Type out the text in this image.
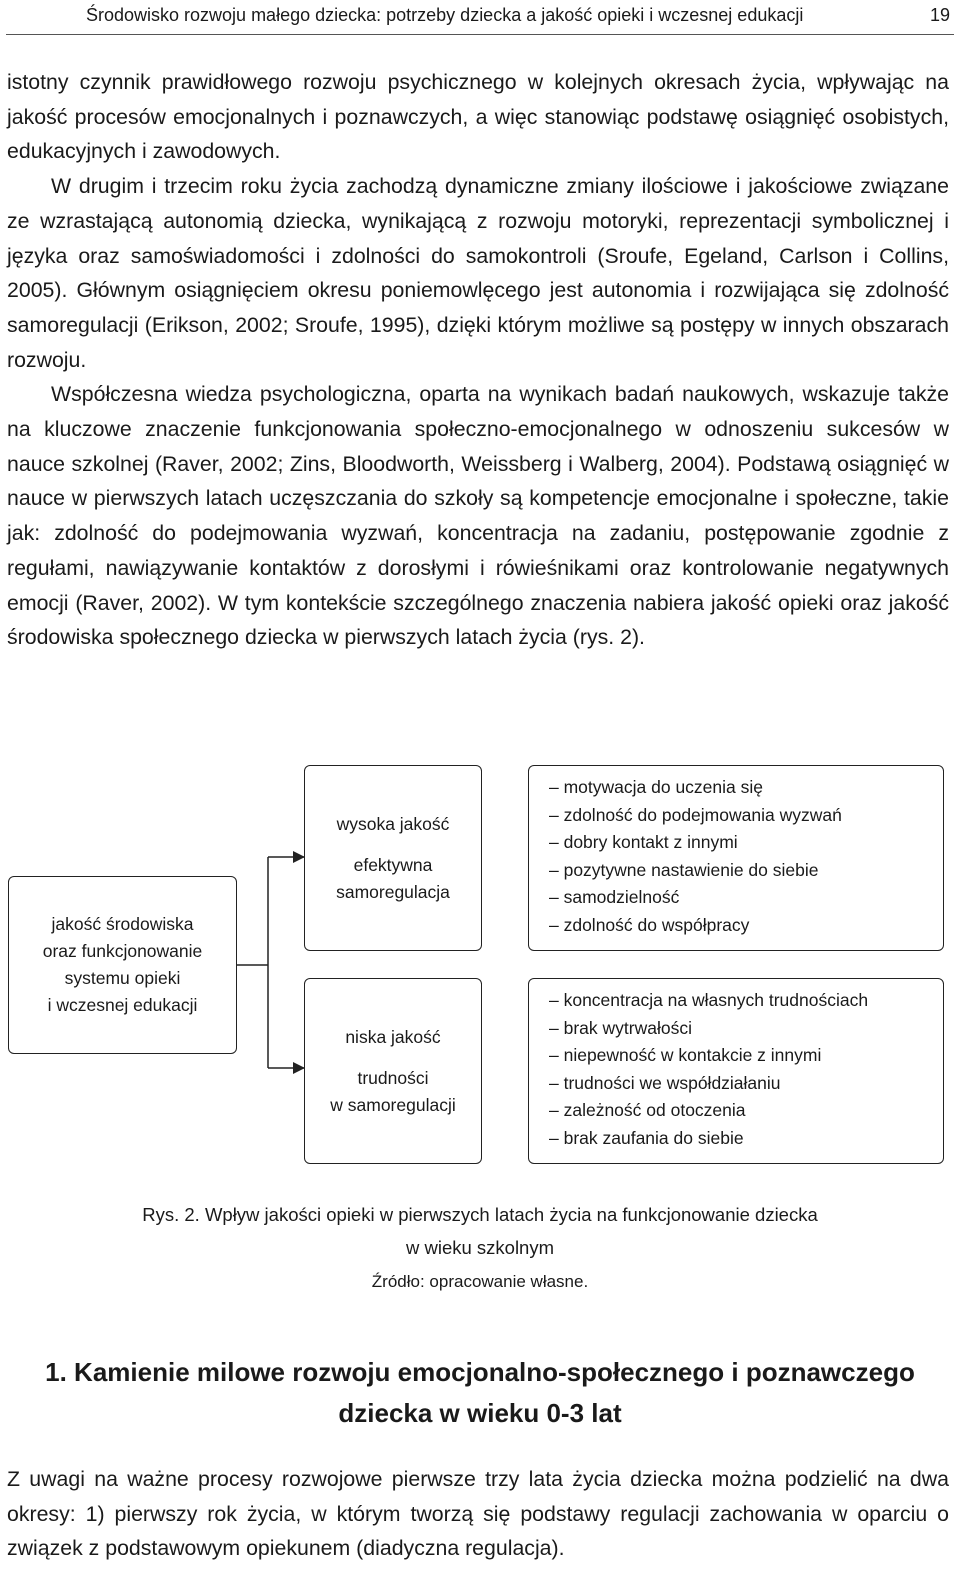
Środowisko rozwoju małego dziecka: potrzeby dziecka a jakość opieki i wczesnej edukacji	19

istotny czynnik prawidłowego rozwoju psychicznego w kolejnych okresach życia, wpływając na jakość procesów emocjonalnych i poznawczych, a więc stanowiąc podstawę osiągnięć osobistych, edukacyjnych i zawodowych.

W drugim i trzecim roku życia zachodzą dynamiczne zmiany ilościowe i jakościowe związane ze wzrastającą autonomią dziecka, wynikającą z rozwoju motoryki, reprezentacji symbolicznej i języka oraz samoświadomości i zdolności do samokontroli (Sroufe, Egeland, Carlson i Collins, 2005). Głównym osiągnięciem okresu poniemowlęcego jest autonomia i rozwijająca się zdolność samoregulacji (Erikson, 2002; Sroufe, 1995), dzięki którym możliwe są postępy w innych obszarach rozwoju.

Współczesna wiedza psychologiczna, oparta na wynikach badań naukowych, wskazuje także na kluczowe znaczenie funkcjonowania społeczno-emocjonalnego w odnoszeniu sukcesów w nauce szkolnej (Raver, 2002; Zins, Bloodworth, Weissberg i Walberg, 2004). Podstawą osiągnięć w nauce w pierwszych latach uczęszczania do szkoły są kompetencje emocjonalne i społeczne, takie jak: zdolność do podejmowania wyzwań, koncentracja na zadaniu, postępowanie zgodnie z regułami, nawiązywanie kontaktów z dorosłymi i rówieśnikami oraz kontrolowanie negatywnych emocji (Raver, 2002). W tym kontekście szczególnego znaczenia nabiera jakość opieki oraz jakość środowiska społecznego dziecka w pierwszych latach życia (rys. 2).

jakość środowiska
oraz funkcjonowanie
systemu opieki
i wczesnej edukacji
wysoka jakość
efektywna
samoregulacja
niska jakość
trudności
w samoregulacji
– motywacja do uczenia się
– zdolność do podejmowania wyzwań
– dobry kontakt z innymi
– pozytywne nastawienie do siebie
– samodzielność
– zdolność do współpracy
– koncentracja na własnych trudnościach
– brak wytrwałości
– niepewność w kontakcie z innymi
– trudności we współdziałaniu
– zależność od otoczenia
– brak zaufania do siebie
Rys. 2. Wpływ jakości opieki w pierwszych latach życia na funkcjonowanie dziecka
w wieku szkolnym
Źródło: opracowanie własne.
1. Kamienie milowe rozwoju emocjonalno-społecznego i poznawczego
dziecka w wieku 0-3 lat

Z uwagi na ważne procesy rozwojowe pierwsze trzy lata życia dziecka można podzielić na dwa okresy: 1) pierwszy rok życia, w którym tworzą się podstawy regulacji zachowania w oparciu o związek z podstawowym opiekunem (diadyczna regulacja).
